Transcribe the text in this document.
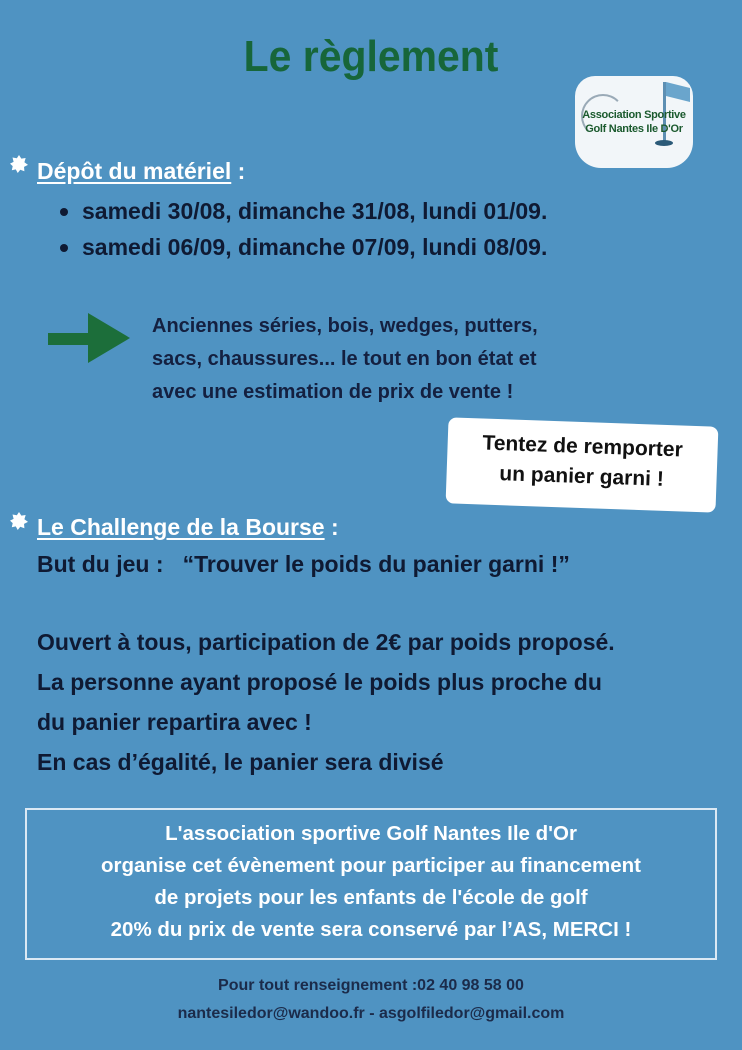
Le règlement
Association Sportive
Golf Nantes Ile D'Or
Dépôt du matériel :
samedi 30/08, dimanche 31/08, lundi 01/09.
samedi 06/09, dimanche 07/09, lundi 08/09.
Anciennes séries, bois, wedges, putters,
sacs, chaussures... le tout en bon état et
avec une estimation de prix de vente !
Tentez de remporter
un panier garni !
Le Challenge de la Bourse :
But du jeu :   “Trouver le poids du panier garni !”
Ouvert à tous, participation de 2€ par poids proposé.
La personne ayant proposé le poids plus proche du
du panier repartira avec !
En cas d’égalité, le panier sera divisé
L'association sportive Golf Nantes Ile d'Or
organise cet évènement pour participer au financement
de projets pour les enfants de l'école de golf
20% du prix de vente sera conservé par l’AS, MERCI !
Pour tout renseignement :02 40 98 58 00
nantesiledor@wandoo.fr - asgolfiledor@gmail.com
